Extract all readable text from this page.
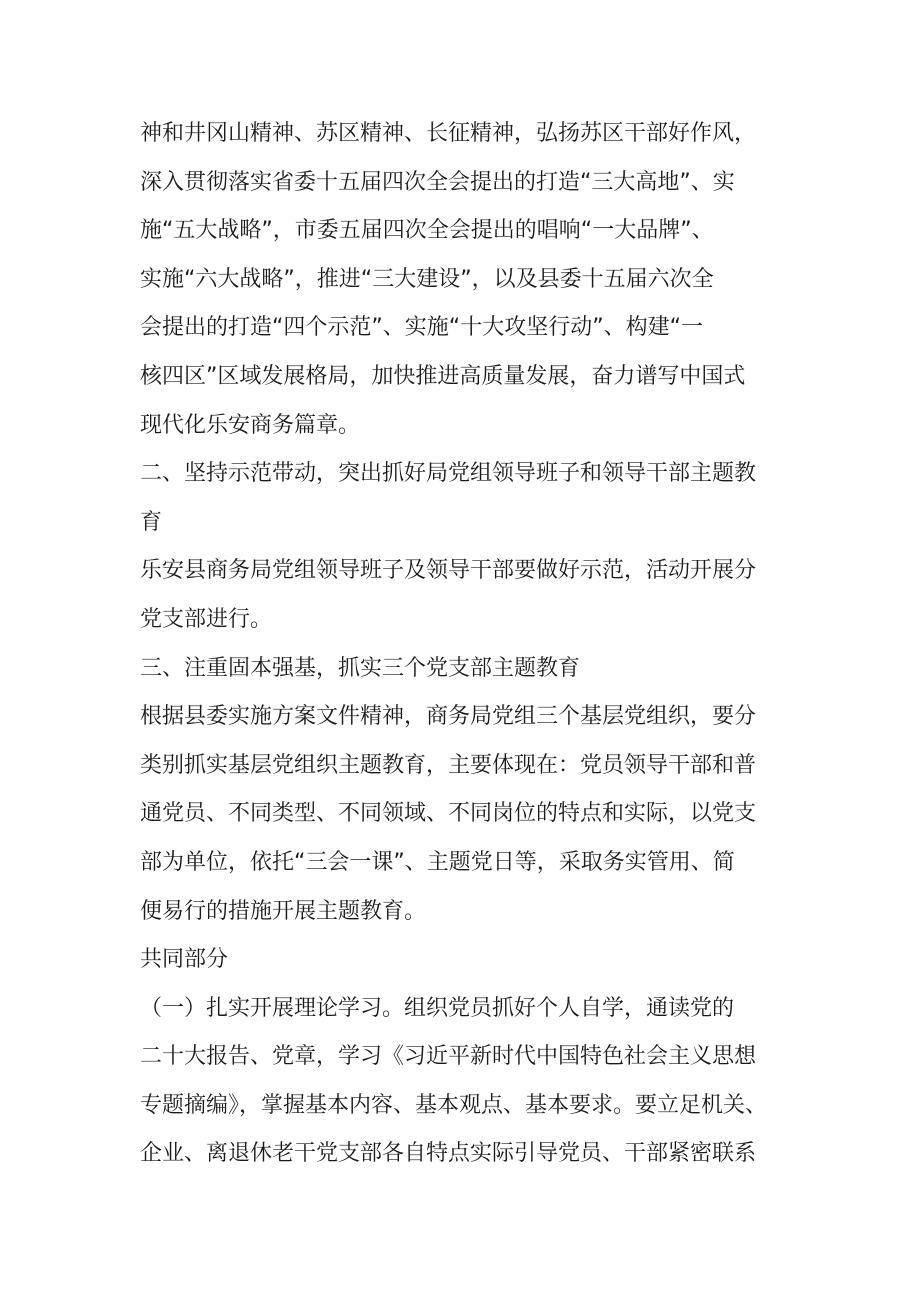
神和井冈山精神、苏区精神、长征精神，弘扬苏区干部好作风，
深入贯彻落实省委十五届四次全会提出的打造“三大高地”、实
施“五大战略”，市委五届四次全会提出的唱响“一大品牌”、
实施“六大战略”，推进“三大建设”，以及县委十五届六次全
会提出的打造“四个示范”、实施“十大攻坚行动”、构建“一
核四区”区域发展格局，加快推进高质量发展，奋力谱写中国式
现代化乐安商务篇章。
二、坚持示范带动，突出抓好局党组领导班子和领导干部主题教
育
乐安县商务局党组领导班子及领导干部要做好示范，活动开展分
党支部进行。
三、注重固本强基，抓实三个党支部主题教育
根据县委实施方案文件精神，商务局党组三个基层党组织，要分
类别抓实基层党组织主题教育，主要体现在：党员领导干部和普
通党员、不同类型、不同领域、不同岗位的特点和实际，以党支
部为单位，依托“三会一课”、主题党日等，采取务实管用、简
便易行的措施开展主题教育。
共同部分
（一）扎实开展理论学习。组织党员抓好个人自学，通读党的
二十大报告、党章，学习《习近平新时代中国特色社会主义思想
专题摘编》，掌握基本内容、基本观点、基本要求。要立足机关、
企业、离退休老干党支部各自特点实际引导党员、干部紧密联系
